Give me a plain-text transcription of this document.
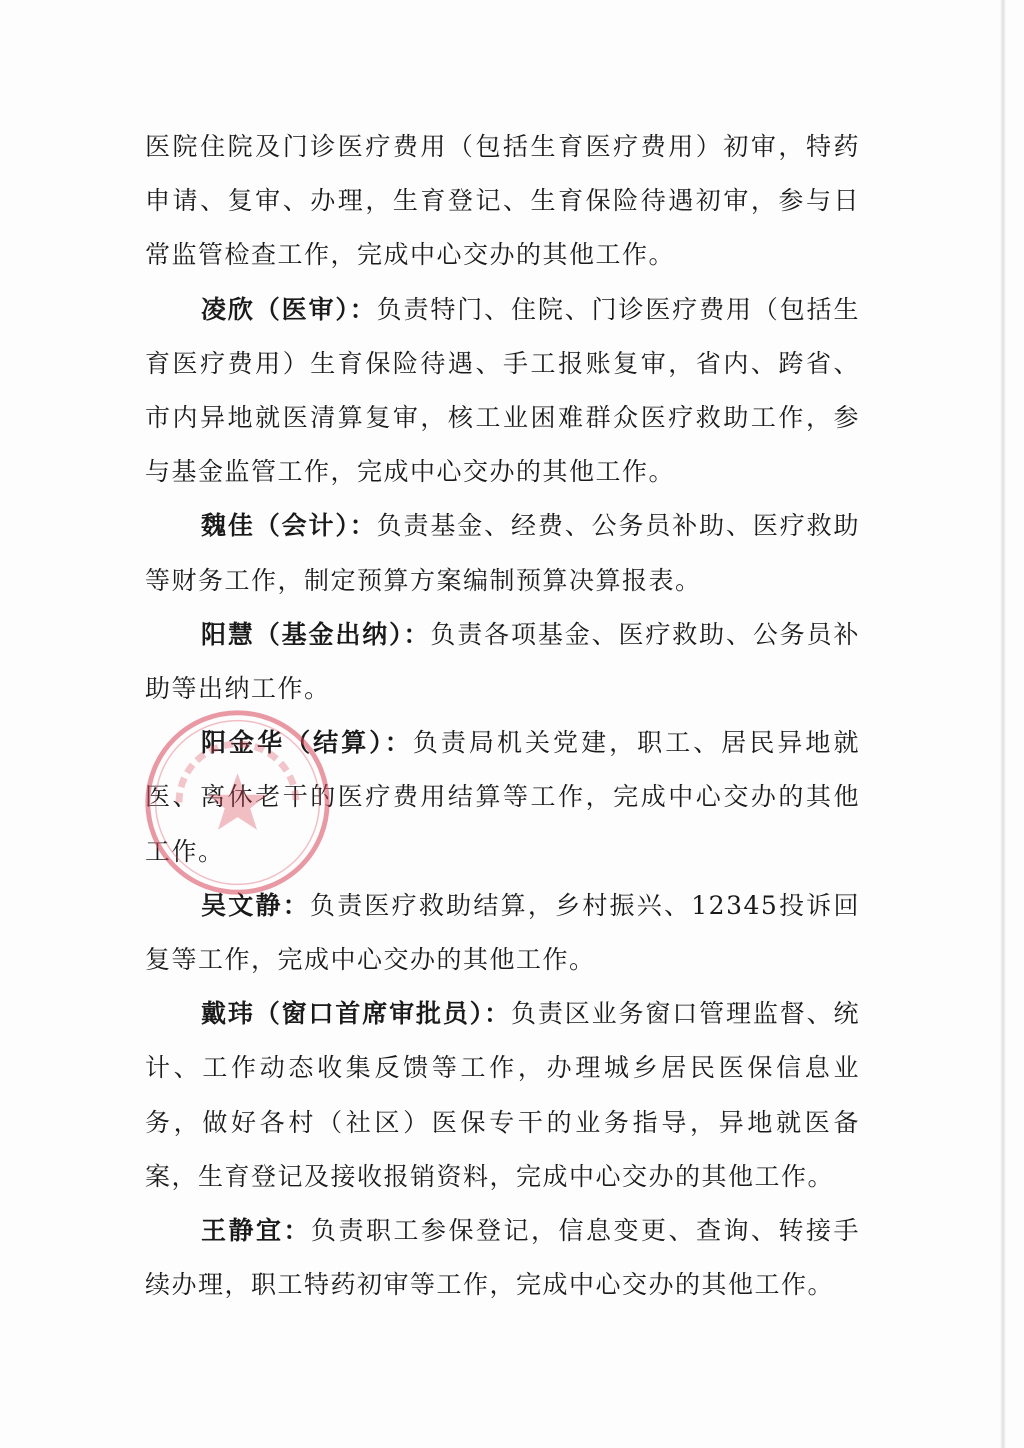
医院住院及门诊医疗费用（包括生育医疗费用）初审，特药申请、复审、办理，生育登记、生育保险待遇初审，参与日常监管检查工作，完成中心交办的其他工作。

凌欣（医审）：负责特门、住院、门诊医疗费用（包括生育医疗费用）生育保险待遇、手工报账复审，省内、跨省、市内异地就医清算复审，核工业困难群众医疗救助工作，参与基金监管工作，完成中心交办的其他工作。

魏佳（会计）：负责基金、经费、公务员补助、医疗救助等财务工作，制定预算方案编制预算决算报表。

阳慧（基金出纳）：负责各项基金、医疗救助、公务员补助等出纳工作。

阳金华（结算）：负责局机关党建，职工、居民异地就医、离休老干的医疗费用结算等工作，完成中心交办的其他工作。

吴文静：负责医疗救助结算，乡村振兴、12345投诉回复等工作，完成中心交办的其他工作。

戴玮（窗口首席审批员）：负责区业务窗口管理监督、统计、工作动态收集反馈等工作，办理城乡居民医保信息业务，做好各村（社区）医保专干的业务指导，异地就医备案，生育登记及接收报销资料，完成中心交办的其他工作。

王静宜：负责职工参保登记，信息变更、查询、转接手续办理，职工特药初审等工作，完成中心交办的其他工作。
